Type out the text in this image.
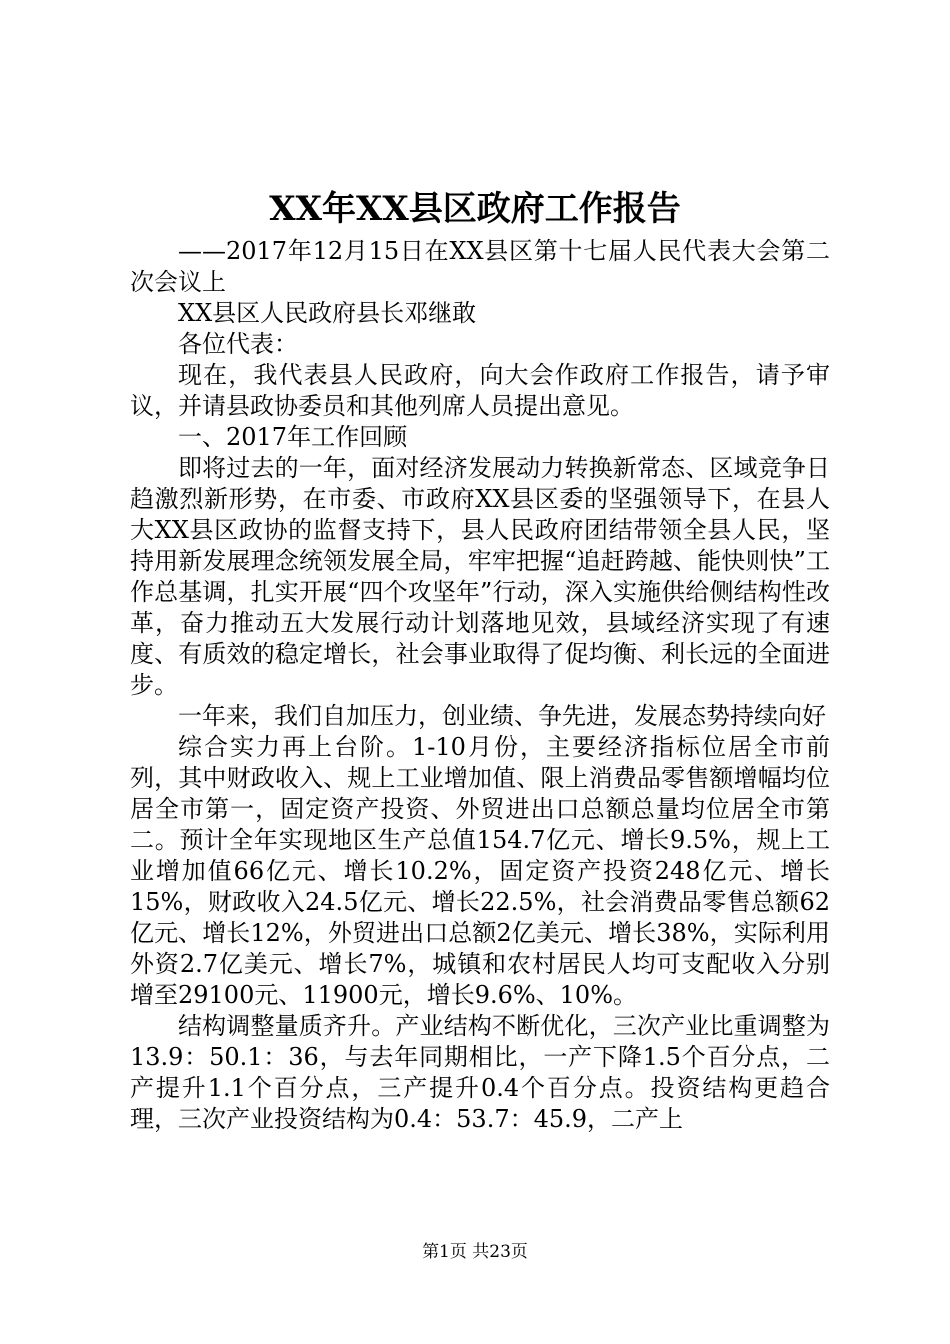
XX年XX县区政府工作报告

——2017年12月15日在XX县区第十七届人民代表大会第二次会议上

XX县区人民政府县长邓继敢

各位代表：

现在，我代表县人民政府，向大会作政府工作报告，请予审议，并请县政协委员和其他列席人员提出意见。

一、2017年工作回顾

即将过去的一年，面对经济发展动力转换新常态、区域竞争日趋激烈新形势，在市委、市政府XX县区委的坚强领导下，在县人大XX县区政协的监督支持下，县人民政府团结带领全县人民，坚持用新发展理念统领发展全局，牢牢把握“追赶跨越、能快则快”工作总基调，扎实开展“四个攻坚年”行动，深入实施供给侧结构性改革，奋力推动五大发展行动计划落地见效，县域经济实现了有速度、有质效的稳定增长，社会事业取得了促均衡、利长远的全面进步。

一年来，我们自加压力，创业绩、争先进，发展态势持续向好

综合实力再上台阶。1-10月份，主要经济指标位居全市前列，其中财政收入、规上工业增加值、限上消费品零售额增幅均位居全市第一，固定资产投资、外贸进出口总额总量均位居全市第二。预计全年实现地区生产总值154.7亿元、增长9.5%，规上工业增加值66亿元、增长10.2%，固定资产投资248亿元、增长15%，财政收入24.5亿元、增长22.5%，社会消费品零售总额62亿元、增长12%，外贸进出口总额2亿美元、增长38%，实际利用外资2.7亿美元、增长7%，城镇和农村居民人均可支配收入分别增至29100元、11900元，增长9.6%、10%。

结构调整量质齐升。产业结构不断优化，三次产业比重调整为13.9：50.1：36，与去年同期相比，一产下降1.5个百分点，二产提升1.1个百分点，三产提升0.4个百分点。投资结构更趋合理，三次产业投资结构为0.4：53.7：45.9，二产上

第1页 共23页
